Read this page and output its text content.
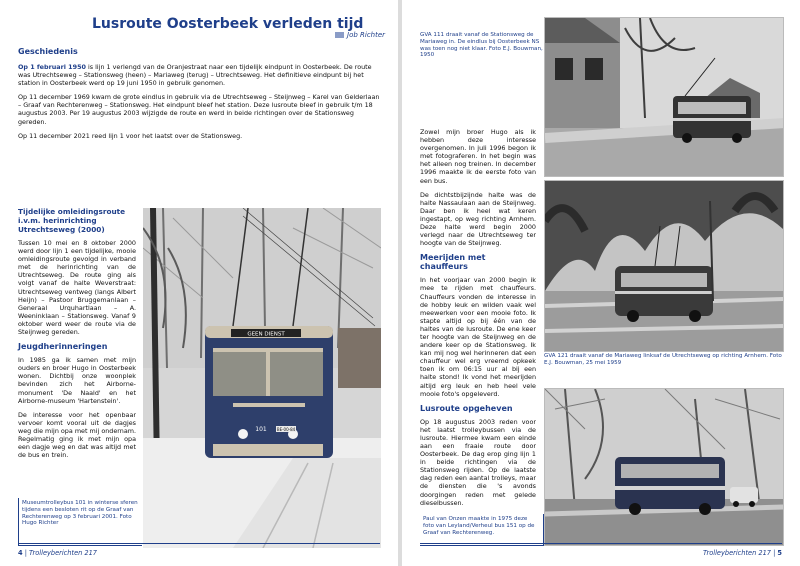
Lusroute Oosterbeek verleden tijd
Job Richter
Geschiedenis
Op 1 februari 1950 is lijn 1 verlengd van de Oranjestraat naar een tijdelijk eindpunt in Oosterbeek. De route was Utrechtseweg – Stationsweg (heen) – Mariaweg (terug) – Utrechtseweg. Het definitieve eindpunt bij het station in Oosterbeek werd op 19 juni 1950 in gebruik genomen.
Op 11 december 1969 kwam de grote eindlus in gebruik via de Utrechtseweg – Steijnweg – Karel van Gelderlaan – Graaf van Rechterenweg – Stationsweg. Het eindpunt bleef het station. Deze lusroute bleef in gebruik t/m 18 augustus 2003. Per 19 augustus 2003 wijzigde de route en werd in beide richtingen over de Stationsweg gereden.
Op 11 december 2021 reed lijn 1 voor het laatst over de Stationsweg.
Tijdelijke omleidingsroute i.v.m. herinrichting Utrechtseweg (2000)
Tussen 10 mei en 8 oktober 2000 werd door lijn 1 een tijdelijke, mooie omleidingsroute gevolgd in verband met de herinrichting van de Utrechtseweg. De route ging als volgt vanaf de halte Weverstraat: Utrechtseweg ventweg (langs Albert Heijn) – Pastoor Bruggemanlaan – Generaal Urquhartlaan – A. Weeninklaan – Stationsweg. Vanaf 9 oktober werd weer de route via de Steijnweg gereden.
Jeugdherinneringen
In 1985 ga ik samen met mijn ouders en broer Hugo in Oosterbeek wonen. Dichtbij onze woonplek bevinden zich het Airborne-monument 'De Naald' en het Airborne-museum 'Hartenstein'.
De interesse voor het openbaar vervoer komt vooral uit de dagjes weg die mijn opa met mij ondernam. Regelmatig ging ik met mijn opa een dagje weg en dat was altijd met de bus en trein.
GEEN DIENST
101	BE-00-84
Museumtrolleybus 101 in winterse sferen tijdens een besloten rit op de Graaf van Rechterenweg op 3 februari 2001. Foto Hugo Richter
4 | Trolleyberichten 217
GVA 111 draait vanaf de Stationsweg de Mariaweg in. De eindlus bij Oosterbeek NS was toen nog niet klaar. Foto E.J. Bouwman, 1950
Zowel mijn broer Hugo als ik hebben deze interesse overgenomen. In juli 1996 begon ik met fotograferen. In het begin was het alleen nog treinen. In december 1996 maakte ik de eerste foto van een bus.
De dichtstbijzijnde halte was de halte Nassaulaan aan de Steijnweg. Daar ben ik heel wat keren ingestapt, op weg richting Arnhem. Deze halte werd begin 2000 verlegd naar de Utrechtseweg ter hoogte van de Steijnweg.
Meerijden met chauffeurs
In het voorjaar van 2000 begin ik mee te rijden met chauffeurs. Chauffeurs vonden de interesse in de hobby leuk en wilden vaak wel meewerken voor een mooie foto. Ik stapte altijd op bij één van de haltes van de lusroute. De ene keer ter hoogte van de Steijnweg en de andere keer op de Stationsweg. Ik kan mij nog wel herinneren dat een chauffeur wel erg vreemd opkeek toen ik om 06:15 uur al bij een halte stond! Ik vond het meerijden altijd erg leuk en heb heel vele mooie foto's opgeleverd.
Lusroute opgeheven
Op 18 augustus 2003 reden voor het laatst trolleybussen via de lusroute. Hiermee kwam een einde aan een fraaie route door Oosterbeek. De dag erop ging lijn 1 in beide richtingen via de Stationsweg rijden. Op de laatste dag reden een aantal trolleys, maar de diensten die 's avonds doorgingen reden met gelede dieselbussen.
GVA 121 draait vanaf de Mariaweg linksaf de Utrechtseweg op richting Arnhem. Foto E.J. Bouwman, 25 mei 1959
Paul van Onzen maakte in 1975 deze foto van Leyland/Verheul bus 151 op de Graaf van Rechterenweg.
Trolleyberichten 217 | 5
